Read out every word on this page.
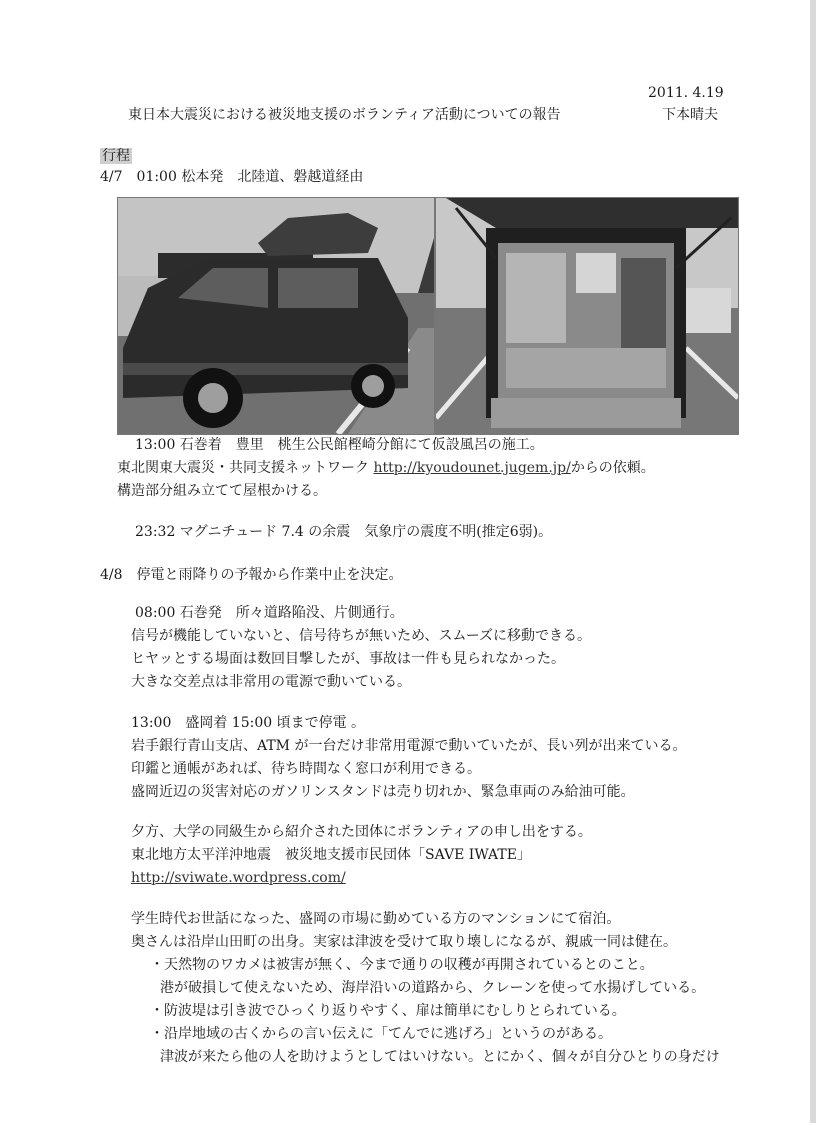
2011. 4.19
東日本大震災における被災地支援のボランティア活動についての報告	下本晴夫
行程
4/7　01:00 松本発　北陸道、磐越道経由
13:00 石巻着　豊里　桃生公民館樫崎分館にて仮設風呂の施工。
東北関東大震災・共同支援ネットワーク http://kyoudounet.jugem.jp/からの依頼。
構造部分組み立てて屋根かける。
23:32 マグニチュード 7.4 の余震　気象庁の震度不明(推定6弱)。
4/8　停電と雨降りの予報から作業中止を決定。
08:00 石巻発　所々道路陥没、片側通行。
信号が機能していないと、信号待ちが無いため、スムーズに移動できる。
ヒヤッとする場面は数回目撃したが、事故は一件も見られなかった。
大きな交差点は非常用の電源で動いている。
13:00　盛岡着 15:00 頃まで停電 。
岩手銀行青山支店、ATM が一台だけ非常用電源で動いていたが、長い列が出来ている。
印鑑と通帳があれば、待ち時間なく窓口が利用できる。
盛岡近辺の災害対応のガソリンスタンドは売り切れか、緊急車両のみ給油可能。
夕方、大学の同級生から紹介された団体にボランティアの申し出をする。
東北地方太平洋沖地震　被災地支援市民団体「SAVE IWATE」
http://sviwate.wordpress.com/
学生時代お世話になった、盛岡の市場に勤めている方のマンションにて宿泊。
奥さんは沿岸山田町の出身。実家は津波を受けて取り壊しになるが、親戚一同は健在。
・天然物のワカメは被害が無く、今まで通りの収穫が再開されているとのこと。
港が破損して使えないため、海岸沿いの道路から、クレーンを使って水揚げしている。
・防波堤は引き波でひっくり返りやすく、扉は簡単にむしりとられている。
・沿岸地域の古くからの言い伝えに「てんでに逃げろ」というのがある。
津波が来たら他の人を助けようとしてはいけない。とにかく、個々が自分ひとりの身だけ
